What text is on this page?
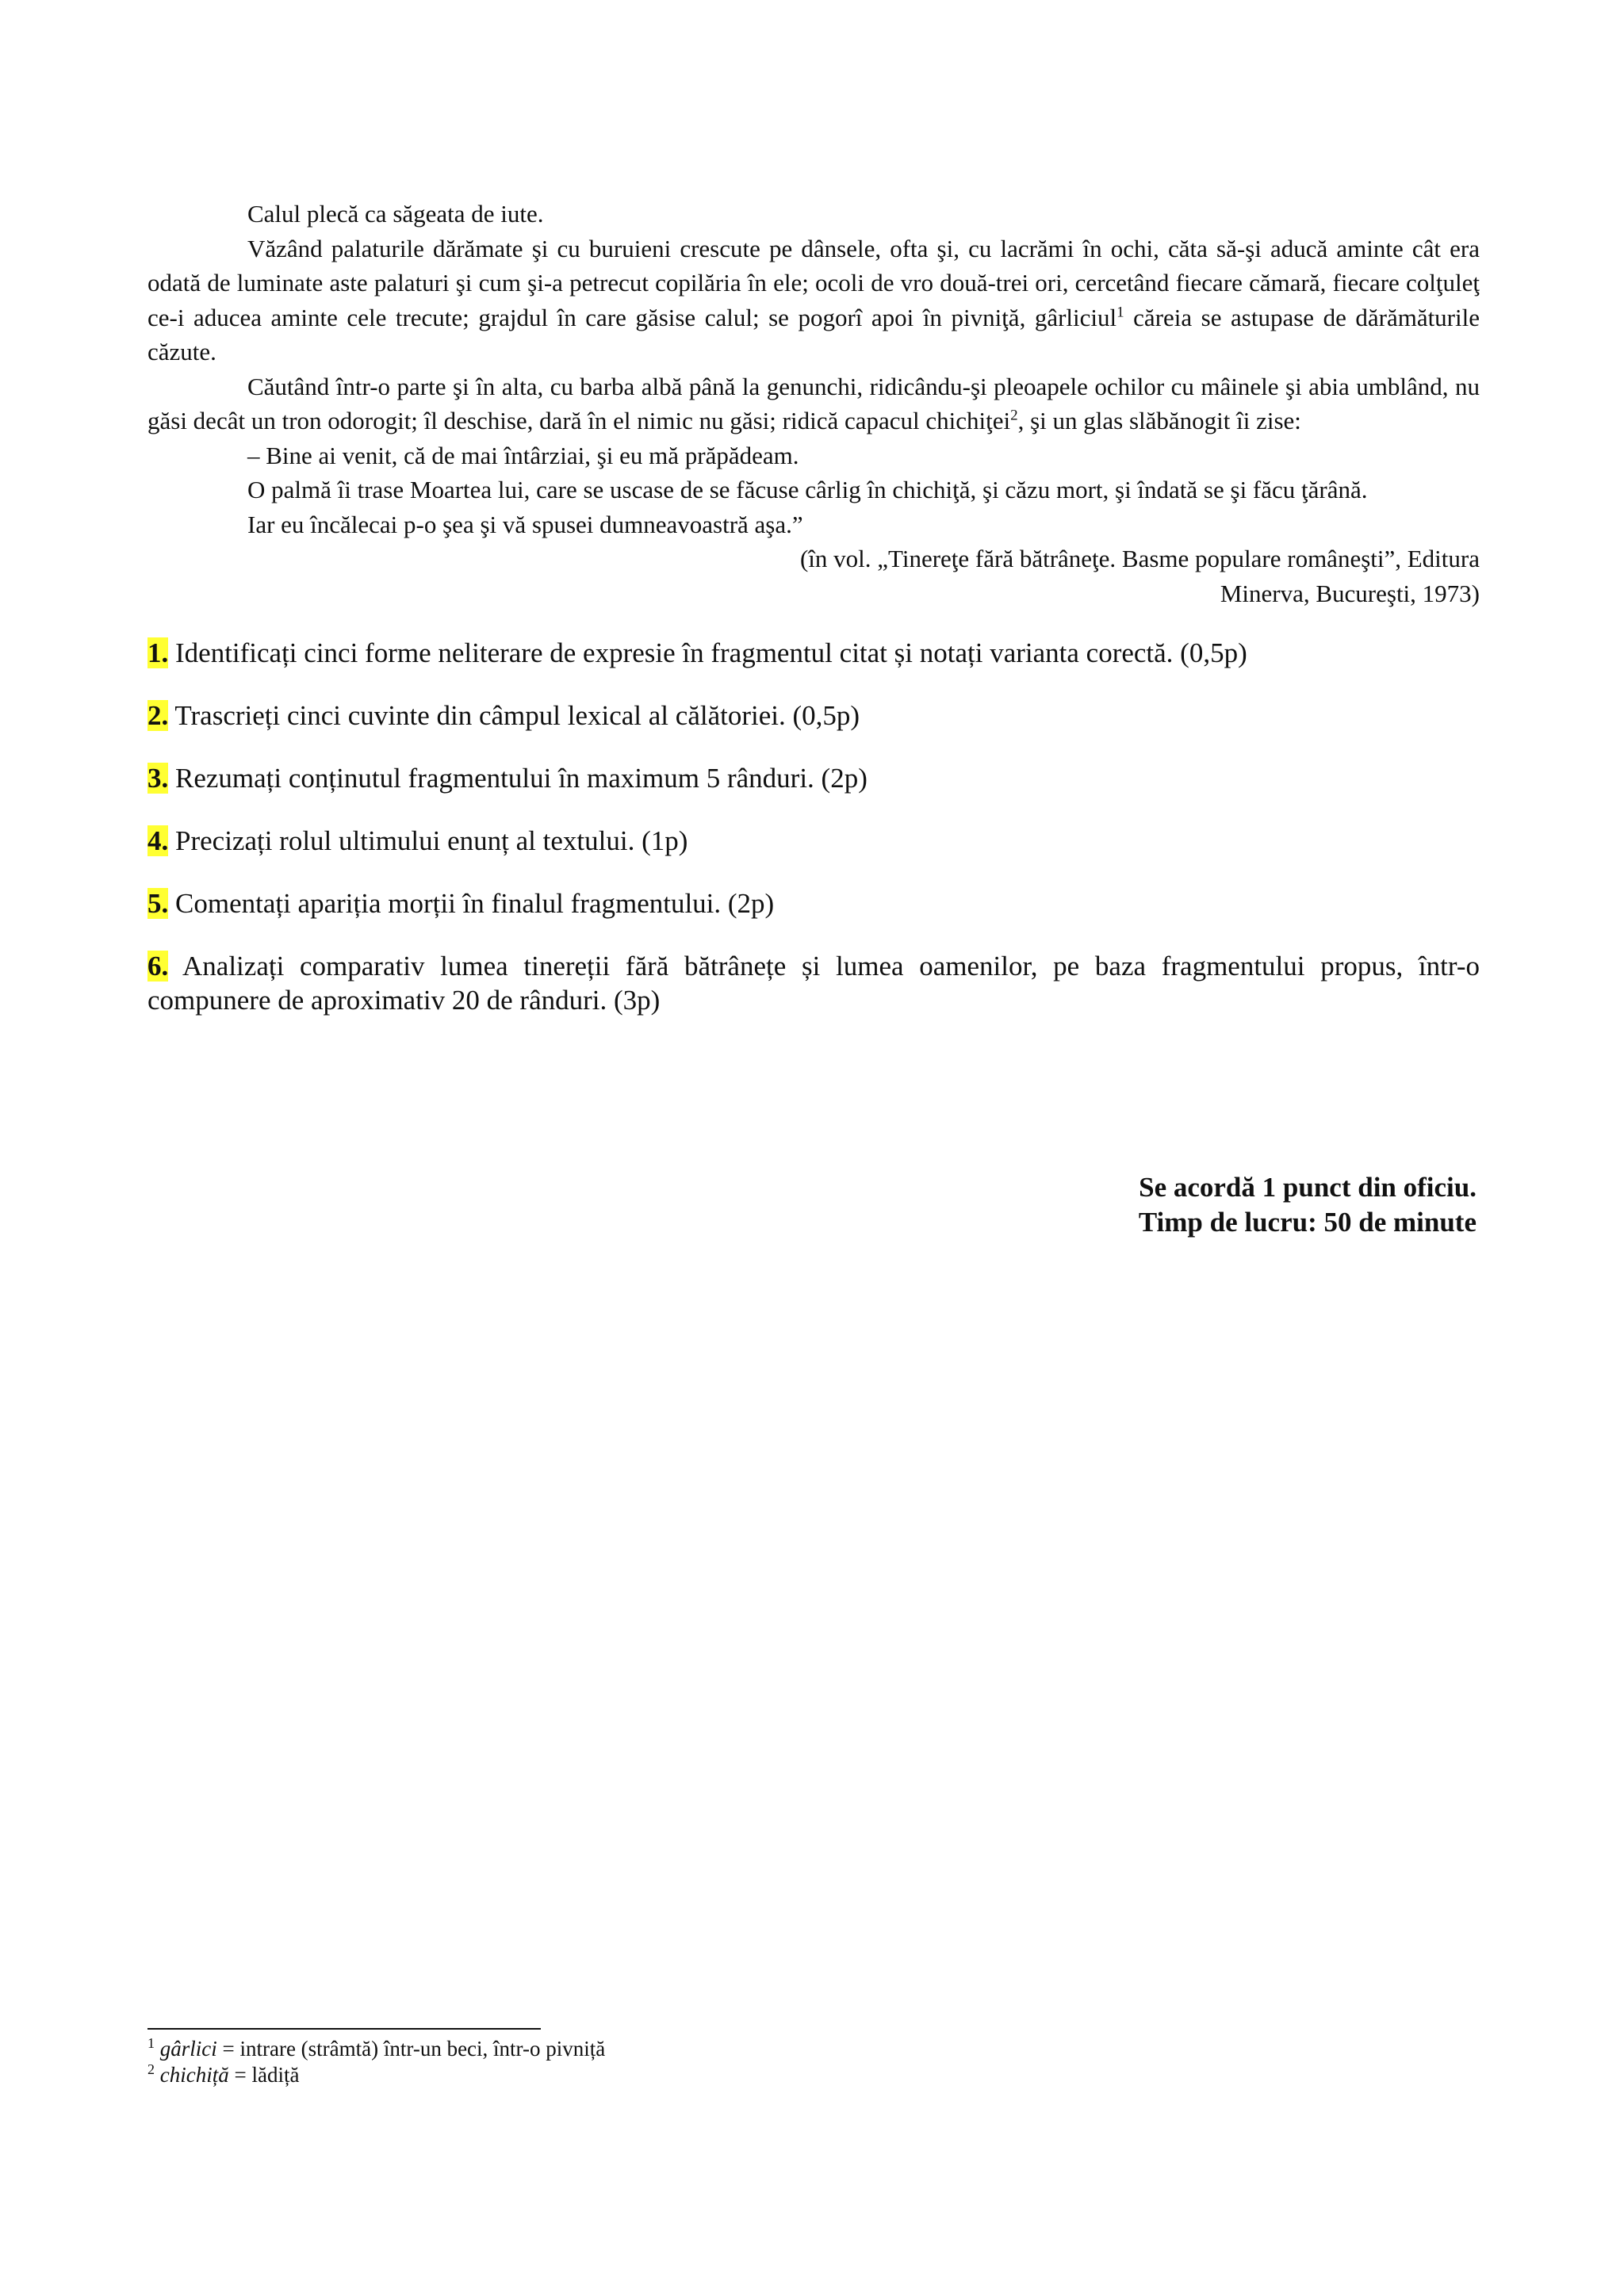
Calul plecă ca săgeata de iute.

Văzând palaturile dărămate şi cu buruieni crescute pe dânsele, ofta şi, cu lacrămi în ochi, căta să-şi aducă aminte cât era odată de luminate aste palaturi şi cum şi-a petrecut copilăria în ele; ocoli de vro două-trei ori, cercetând fiecare cămară, fiecare colţuleţ ce-i aducea aminte cele trecute; grajdul în care găsise calul; se pogorî apoi în pivniţă, gârliciul$^1$ căreia se astupase de dărămăturile căzute.

Căutând într-o parte şi în alta, cu barba albă până la genunchi, ridicându-şi pleoapele ochilor cu mâinele şi abia umblând, nu găsi decât un tron odorogit; îl deschise, dară în el nimic nu găsi; ridică capacul chichiţei$^2$, şi un glas slăbănogit îi zise:

– Bine ai venit, că de mai întârziai, şi eu mă prăpădeam.

O palmă îi trase Moartea lui, care se uscase de se făcuse cârlig în chichiţă, şi căzu mort, şi îndată se şi făcu ţărână.

Iar eu încălecai p-o şea şi vă spusei dumneavoastră aşa.”

(în vol. „Tinereţe fără bătrâneţe. Basme populare româneşti”, Editura

Minerva, Bucureşti, 1973)

1. Identificați cinci forme neliterare de expresie în fragmentul citat și notați varianta corectă. (0,5p)

2. Trascrieți cinci cuvinte din câmpul lexical al călătoriei. (0,5p)

3. Rezumați conținutul fragmentului în maximum 5 rânduri. (2p)

4. Precizați rolul ultimului enunț al textului. (1p)

5. Comentați apariția morții în finalul fragmentului. (2p)

6. Analizați comparativ lumea tinereții fără bătrânețe și lumea oamenilor, pe baza fragmentului propus, într-o compunere de aproximativ 20 de rânduri. (3p)

Se acordă 1 punct din oficiu.

Timp de lucru: 50 de minute

$^1$ gârlici = intrare (strâmtă) într-un beci, într-o pivniță

$^2$ chichiță = lădiță
